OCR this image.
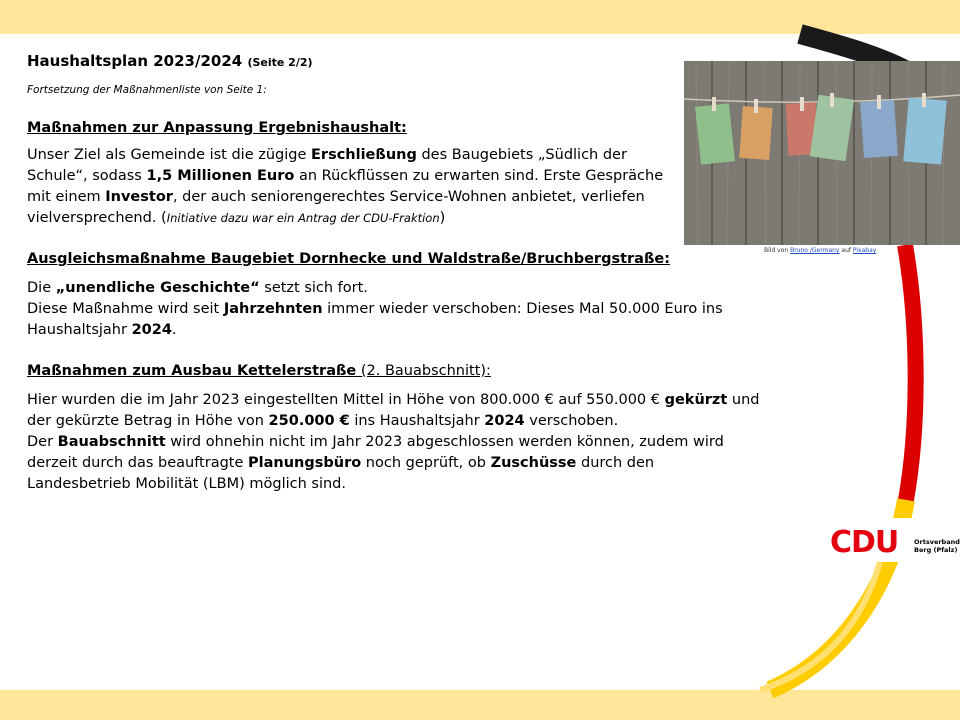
Haushaltsplan 2023/2024 (Seite 2/2)

Fortsetzung der Maßnahmenliste von Seite 1:

Maßnahmen zur Anpassung Ergebnishaushalt:

Unser Ziel als Gemeinde ist die zügige Erschließung des Baugebiets „Südlich der Schule“, sodass 1,5 Millionen Euro an Rückflüssen zu erwarten sind. Erste Gespräche mit einem Investor, der auch seniorengerechtes Service-Wohnen anbietet, verliefen vielversprechend. (Initiative dazu war ein Antrag der CDU-Fraktion)

Ausgleichsmaßnahme Baugebiet Dornhecke und Waldstraße/Bruchbergstraße:

Die „unendliche Geschichte“ setzt sich fort.
Diese Maßnahme wird seit Jahrzehnten immer wieder verschoben: Dieses Mal 50.000 Euro ins Haushaltsjahr 2024.

Maßnahmen zum Ausbau Kettelerstraße (2. Bauabschnitt):

Hier wurden die im Jahr 2023 eingestellten Mittel in Höhe von 800.000 € auf 550.000 € gekürzt und der gekürzte Betrag in Höhe von 250.000 € ins Haushaltsjahr 2024 verschoben.
Der Bauabschnitt wird ohnehin nicht im Jahr 2023 abgeschlossen werden können, zudem wird derzeit durch das beauftragte Planungsbüro noch geprüft, ob Zuschüsse durch den Landesbetrieb Mobilität (LBM) möglich sind.

Bild von Bruno /Germany auf Pixabay
CDU Ortsverband
Berg (Pfalz)
